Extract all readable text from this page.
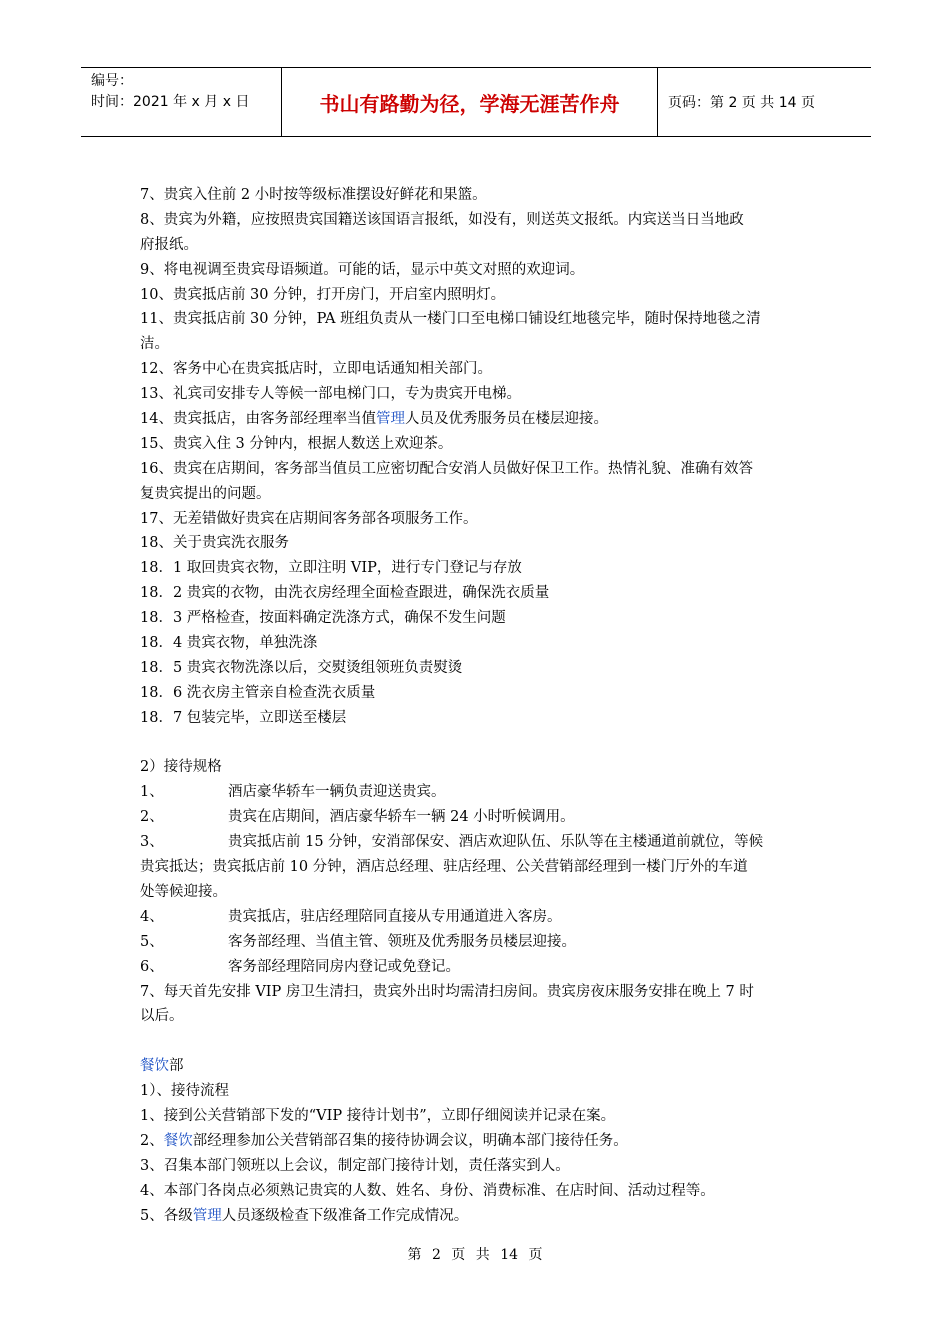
编号：
时间：2021 年 x 月 x 日	书山有路勤为径，学海无涯苦作舟	页码：第 2 页 共 14 页
7、贵宾入住前 2 小时按等级标准摆设好鲜花和果篮。
8、贵宾为外籍，应按照贵宾国籍送该国语言报纸，如没有，则送英文报纸。内宾送当日当地政
府报纸。
9、将电视调至贵宾母语频道。可能的话，显示中英文对照的欢迎词。
10、贵宾抵店前 30 分钟，打开房门，开启室内照明灯。
11、贵宾抵店前 30 分钟，PA 班组负责从一楼门口至电梯口铺设红地毯完毕，随时保持地毯之清
洁。
12、客务中心在贵宾抵店时，立即电话通知相关部门。
13、礼宾司安排专人等候一部电梯门口，专为贵宾开电梯。
14、贵宾抵店，由客务部经理率当值管理人员及优秀服务员在楼层迎接。
15、贵宾入住 3 分钟内，根据人数送上欢迎茶。
16、贵宾在店期间，客务部当值员工应密切配合安消人员做好保卫工作。热情礼貌、准确有效答
复贵宾提出的问题。
17、无差错做好贵宾在店期间客务部各项服务工作。
18、关于贵宾洗衣服务
18．1 取回贵宾衣物，立即注明 VIP，进行专门登记与存放
18．2 贵宾的衣物，由洗衣房经理全面检查跟进，确保洗衣质量
18．3 严格检查，按面料确定洗涤方式，确保不发生问题
18．4 贵宾衣物，单独洗涤
18．5 贵宾衣物洗涤以后，交熨烫组领班负责熨烫
18．6 洗衣房主管亲自检查洗衣质量
18．7 包装完毕，立即送至楼层
2）接待规格
1、	酒店豪华轿车一辆负责迎送贵宾。
2、	贵宾在店期间，酒店豪华轿车一辆 24 小时听候调用。
3、	贵宾抵店前 15 分钟，安消部保安、酒店欢迎队伍、乐队等在主楼通道前就位，等候
贵宾抵达；贵宾抵店前 10 分钟，酒店总经理、驻店经理、公关营销部经理到一楼门厅外的车道
处等候迎接。
4、	贵宾抵店，驻店经理陪同直接从专用通道进入客房。
5、	客务部经理、当值主管、领班及优秀服务员楼层迎接。
6、	客务部经理陪同房内登记或免登记。
7、每天首先安排 VIP 房卫生清扫，贵宾外出时均需清扫房间。贵宾房夜床服务安排在晚上 7 时
以后。
餐饮部
1）、接待流程
1、接到公关营销部下发的“VIP 接待计划书”，立即仔细阅读并记录在案。
2、餐饮部经理参加公关营销部召集的接待协调会议，明确本部门接待任务。
3、召集本部门领班以上会议，制定部门接待计划，责任落实到人。
4、本部门各岗点必须熟记贵宾的人数、姓名、身份、消费标准、在店时间、活动过程等。
5、各级管理人员逐级检查下级准备工作完成情况。
第 2 页 共 14 页
